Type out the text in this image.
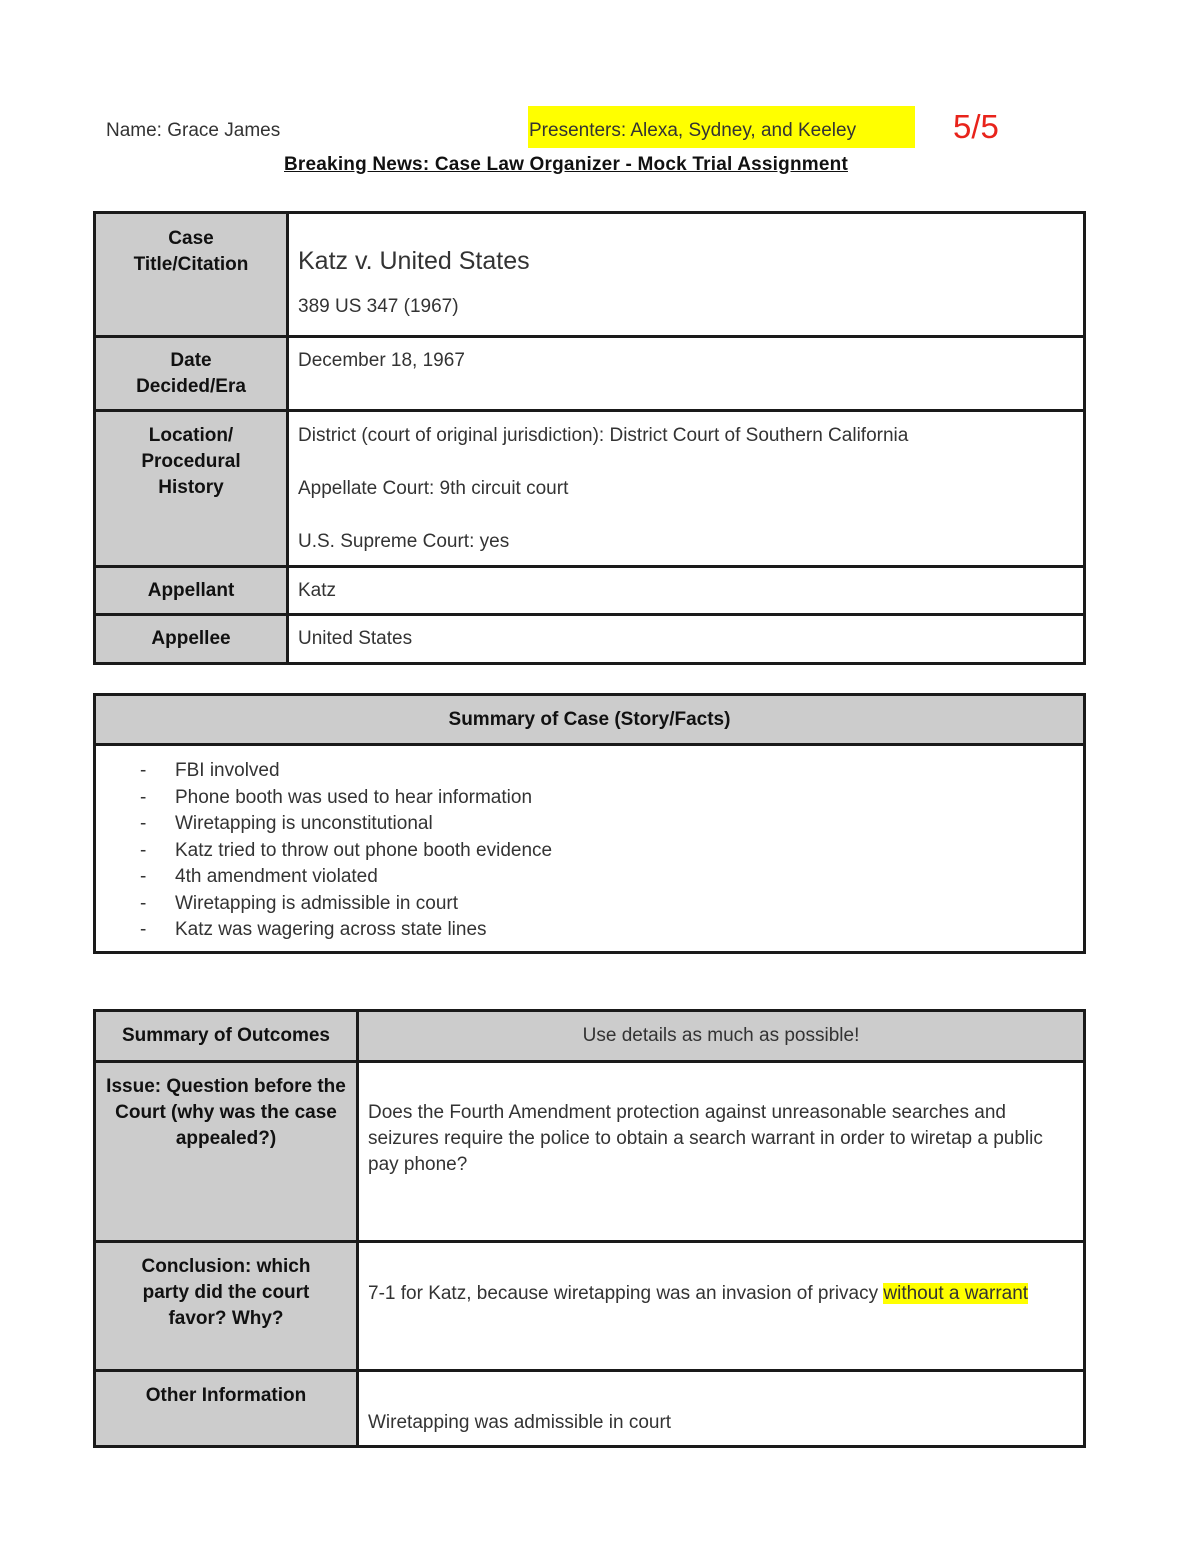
Name: Grace James	Presenters: Alexa, Sydney, and Keeley	5/5
Breaking News: Case Law Organizer - Mock Trial Assignment
Case Title/Citation	Katz v. United States
389 US 347 (1967)

Date Decided/Era	December 18, 1967
Location/ Procedural History	District (court of original jurisdiction): District Court of Southern California
Appellate Court: 9th circuit court
U.S. Supreme Court: yes

Appellant	Katz
Appellee	United States
Summary of Case (Story/Facts)

-	FBI involved
-	Phone booth was used to hear information
-	Wiretapping is unconstitutional
-	Katz tried to throw out phone booth evidence
-	4th amendment violated
-	Wiretapping is admissible in court
-	Katz was wagering across state lines
Summary of Outcomes	Use details as much as possible!
Issue: Question before the Court (why was the case appealed?)	Does the Fourth Amendment protection against unreasonable searches and seizures require the police to obtain a search warrant in order to wiretap a public pay phone?
Conclusion: which party did the court favor? Why?	7-1 for Katz, because wiretapping was an invasion of privacy without a warrant
Other Information	Wiretapping was admissible in court
